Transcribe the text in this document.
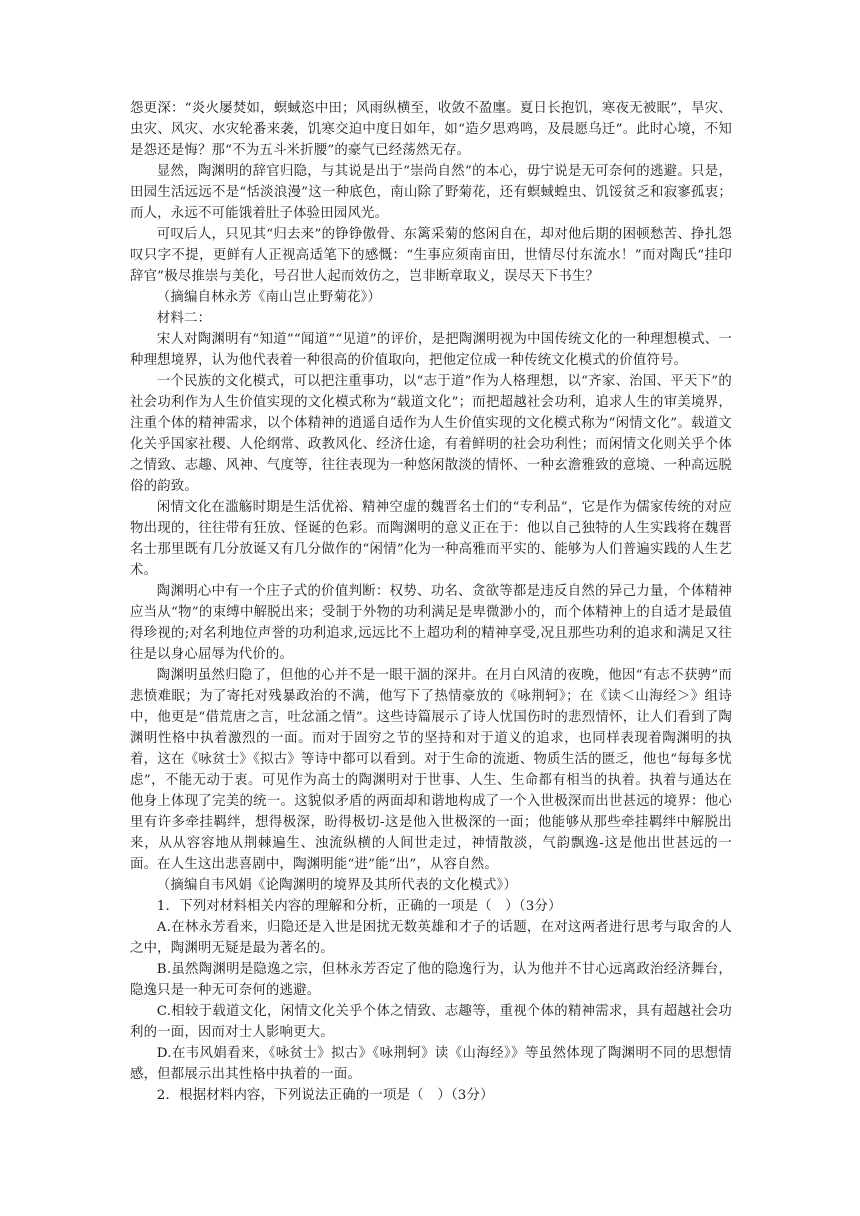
怨更深：“炎火屡焚如，螟蜮恣中田；风雨纵横至，收敛不盈廛。夏日长抱饥，寒夜无被眠”，旱灾、虫灾、风灾、水灾轮番来袭，饥寒交迫中度日如年，如“造夕思鸡鸣，及晨愿乌迁”。此时心境，不知是怨还是悔？那“不为五斗米折腰”的豪气已经荡然无存。

显然，陶渊明的辞官归隐，与其说是出于“崇尚自然”的本心，毋宁说是无可奈何的逃避。只是，田园生活远远不是“恬淡浪漫”这一种底色，南山除了野菊花，还有螟蜮蝗虫、饥馁贫乏和寂寥孤衷；而人，永远不可能饿着肚子体验田园风光。

可叹后人，只见其“归去来”的铮铮傲骨、东篱采菊的悠闲自在，却对他后期的困顿愁苦、挣扎怨叹只字不提，更鲜有人正视高适笔下的感慨：“生事应须南亩田，世情尽付东流水！”而对陶氏“挂印辞官”极尽推崇与美化，号召世人起而效仿之，岂非断章取义，误尽天下书生？

（摘编自林永芳《南山岂止野菊花》）

材料二：

宋人对陶渊明有“知道”“闻道”“见道”的评价，是把陶渊明视为中国传统文化的一种理想模式、一种理想境界，认为他代表着一种很高的价值取向，把他定位成一种传统文化模式的价值符号。

一个民族的文化模式，可以把注重事功，以“志于道”作为人格理想，以“齐家、治国、平天下”的社会功利作为人生价值实现的文化模式称为“载道文化”；而把超越社会功利，追求人生的审美境界，注重个体的精神需求，以个体精神的逍遥自适作为人生价值实现的文化模式称为“闲情文化”。载道文化关乎国家社稷、人伦纲常、政教风化、经济仕途，有着鲜明的社会功利性；而闲情文化则关乎个体之情致、志趣、风神、气度等，往往表现为一种悠闲散淡的情怀、一种玄澹雅致的意境、一种高远脱俗的韵致。

闲情文化在滥觞时期是生活优裕、精神空虚的魏晋名士们的“专利品”，它是作为儒家传统的对应物出现的，往往带有狂放、怪诞的色彩。而陶渊明的意义正在于：他以自己独特的人生实践将在魏晋名士那里既有几分放诞又有几分做作的“闲情”化为一种高雅而平实的、能够为人们普遍实践的人生艺术。

陶渊明心中有一个庄子式的价值判断：权势、功名、贪欲等都是违反自然的异己力量，个体精神应当从“物”的束缚中解脱出来；受制于外物的功利满足是卑微渺小的，而个体精神上的自适才是最值得珍视的;对名利地位声誉的功利追求,远远比不上超功利的精神享受,况且那些功利的追求和满足又往往是以身心屈辱为代价的。

陶渊明虽然归隐了，但他的心并不是一眼干涸的深井。在月白风清的夜晚，他因“有志不获骋”而悲愤难眠；为了寄托对残暴政治的不满，他写下了热情豪放的《咏荆轲》；在《读＜山海经＞》组诗中，他更是“借荒唐之言，吐忿涌之情”。这些诗篇展示了诗人忧国伤时的悲烈情怀，让人们看到了陶渊明性格中执着激烈的一面。而对于固穷之节的坚持和对于道义的追求，也同样表现着陶渊明的执着，这在《咏贫士》《拟古》等诗中都可以看到。对于生命的流逝、物质生活的匮乏，他也“每每多忧虑”，不能无动于衷。可见作为高士的陶渊明对于世事、人生、生命都有相当的执着。执着与通达在他身上体现了完美的统一。这貌似矛盾的两面却和谐地构成了一个入世极深而出世甚远的境界：他心里有许多牵挂羁绊，想得极深，盼得极切-这是他入世极深的一面；他能够从那些牵挂羁绊中解脱出来，从从容容地从荆棘遍生、浊流纵横的人间世走过，神情散淡，气韵飘逸-这是他出世甚远的一面。在人生这出悲喜剧中，陶渊明能“进”能“出”，从容自然。

（摘编自韦风娟《论陶渊明的境界及其所代表的文化模式》）

1．下列对材料相关内容的理解和分析，正确的一项是（　）（3分）

A.在林永芳看来，归隐还是入世是困扰无数英雄和才子的话题，在对这两者进行思考与取舍的人之中，陶渊明无疑是最为著名的。

B.虽然陶渊明是隐逸之宗，但林永芳否定了他的隐逸行为，认为他并不甘心远离政治经济舞台，隐逸只是一种无可奈何的逃避。

C.相较于载道文化，闲情文化关乎个体之情致、志趣等，重视个体的精神需求，具有超越社会功利的一面，因而对士人影响更大。

D.在韦风娟看来，《咏贫士》拟古》《咏荆轲》读《山海经》》等虽然体现了陶渊明不同的思想情感，但都展示出其性格中执着的一面。

2．根据材料内容，下列说法正确的一项是（　）（3分）
